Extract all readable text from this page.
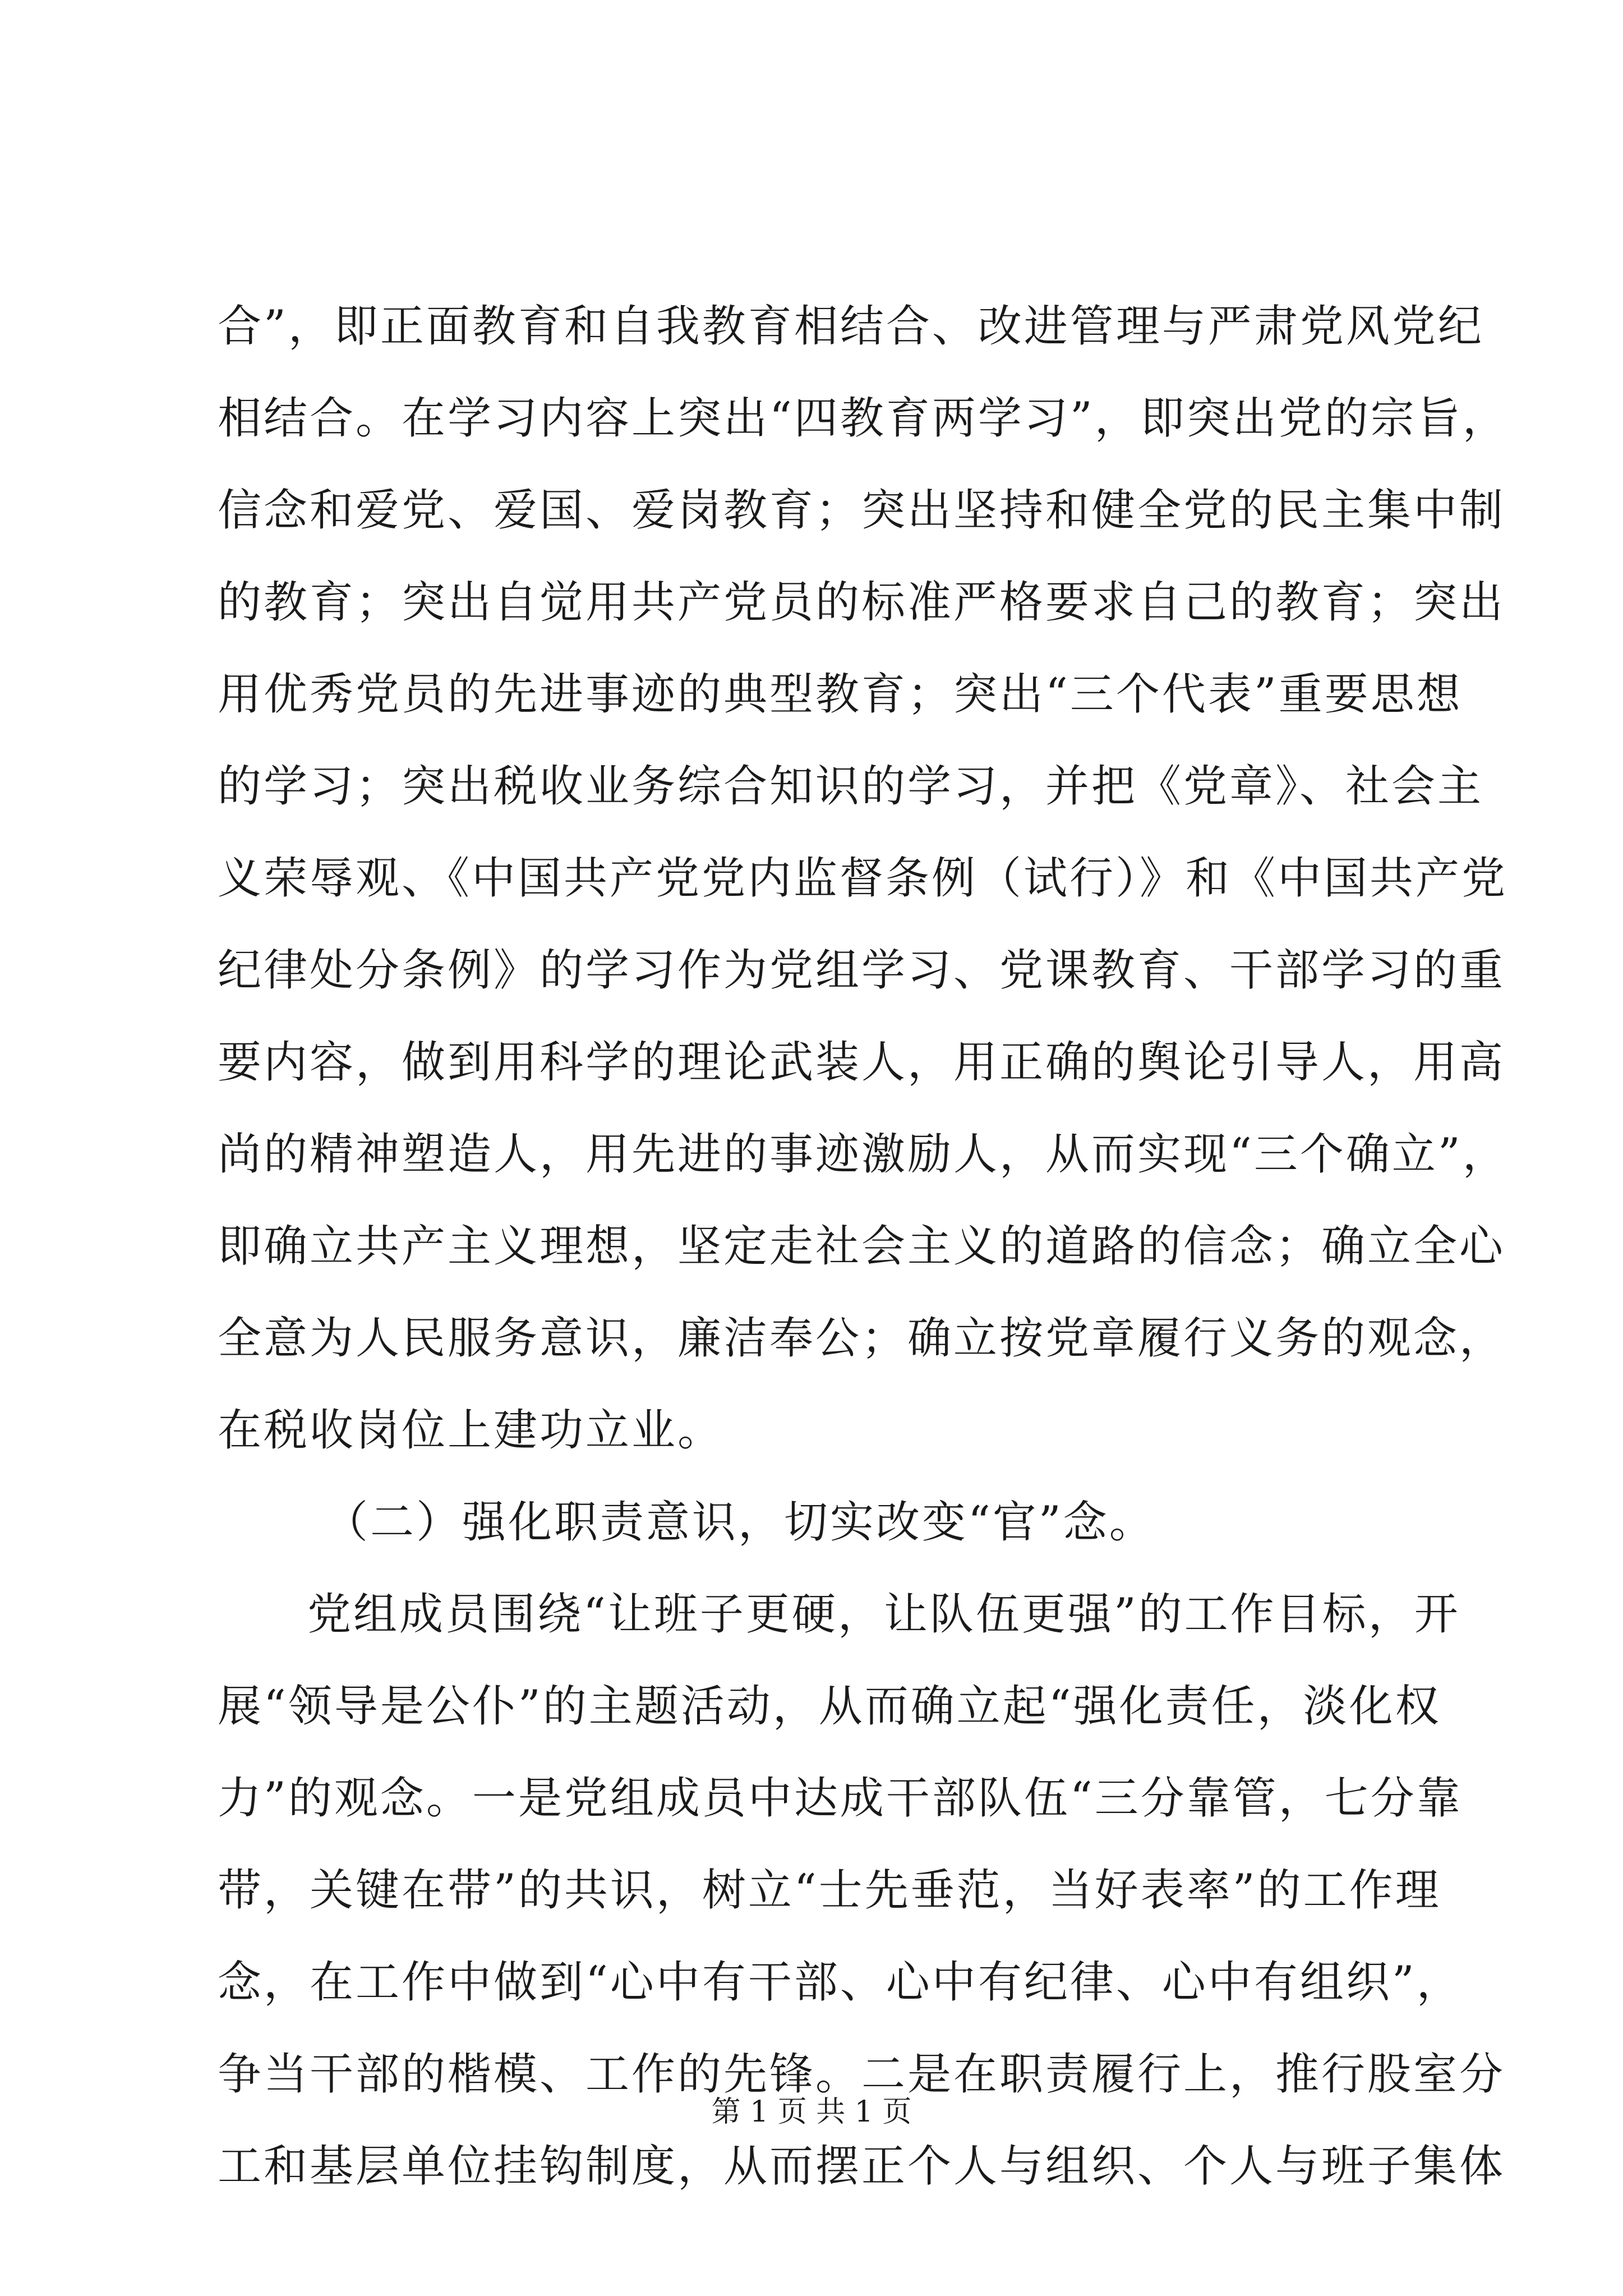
合”，即正面教育和自我教育相结合、改进管理与严肃党风党纪
相结合。在学习内容上突出“四教育两学习”，即突出党的宗旨，
信念和爱党、爱国、爱岗教育；突出坚持和健全党的民主集中制
的教育；突出自觉用共产党员的标准严格要求自己的教育；突出
用优秀党员的先进事迹的典型教育；突出“三个代表”重要思想
的学习；突出税收业务综合知识的学习，并把《党章》、社会主
义荣辱观、《中国共产党党内监督条例（试行）》和《中国共产党
纪律处分条例》的学习作为党组学习、党课教育、干部学习的重
要内容，做到用科学的理论武装人，用正确的舆论引导人，用高
尚的精神塑造人，用先进的事迹激励人，从而实现“三个确立”，
即确立共产主义理想，坚定走社会主义的道路的信念；确立全心
全意为人民服务意识，廉洁奉公；确立按党章履行义务的观念，
在税收岗位上建功立业。
（二）强化职责意识，切实改变“官”念。
党组成员围绕“让班子更硬，让队伍更强”的工作目标，开
展“领导是公仆”的主题活动，从而确立起“强化责任，淡化权
力”的观念。一是党组成员中达成干部队伍“三分靠管，七分靠
带，关键在带”的共识，树立“士先垂范，当好表率”的工作理
念，在工作中做到“心中有干部、心中有纪律、心中有组织”，
争当干部的楷模、工作的先锋。二是在职责履行上，推行股室分
工和基层单位挂钩制度，从而摆正个人与组织、个人与班子集体
第 1 页 共 1 页
